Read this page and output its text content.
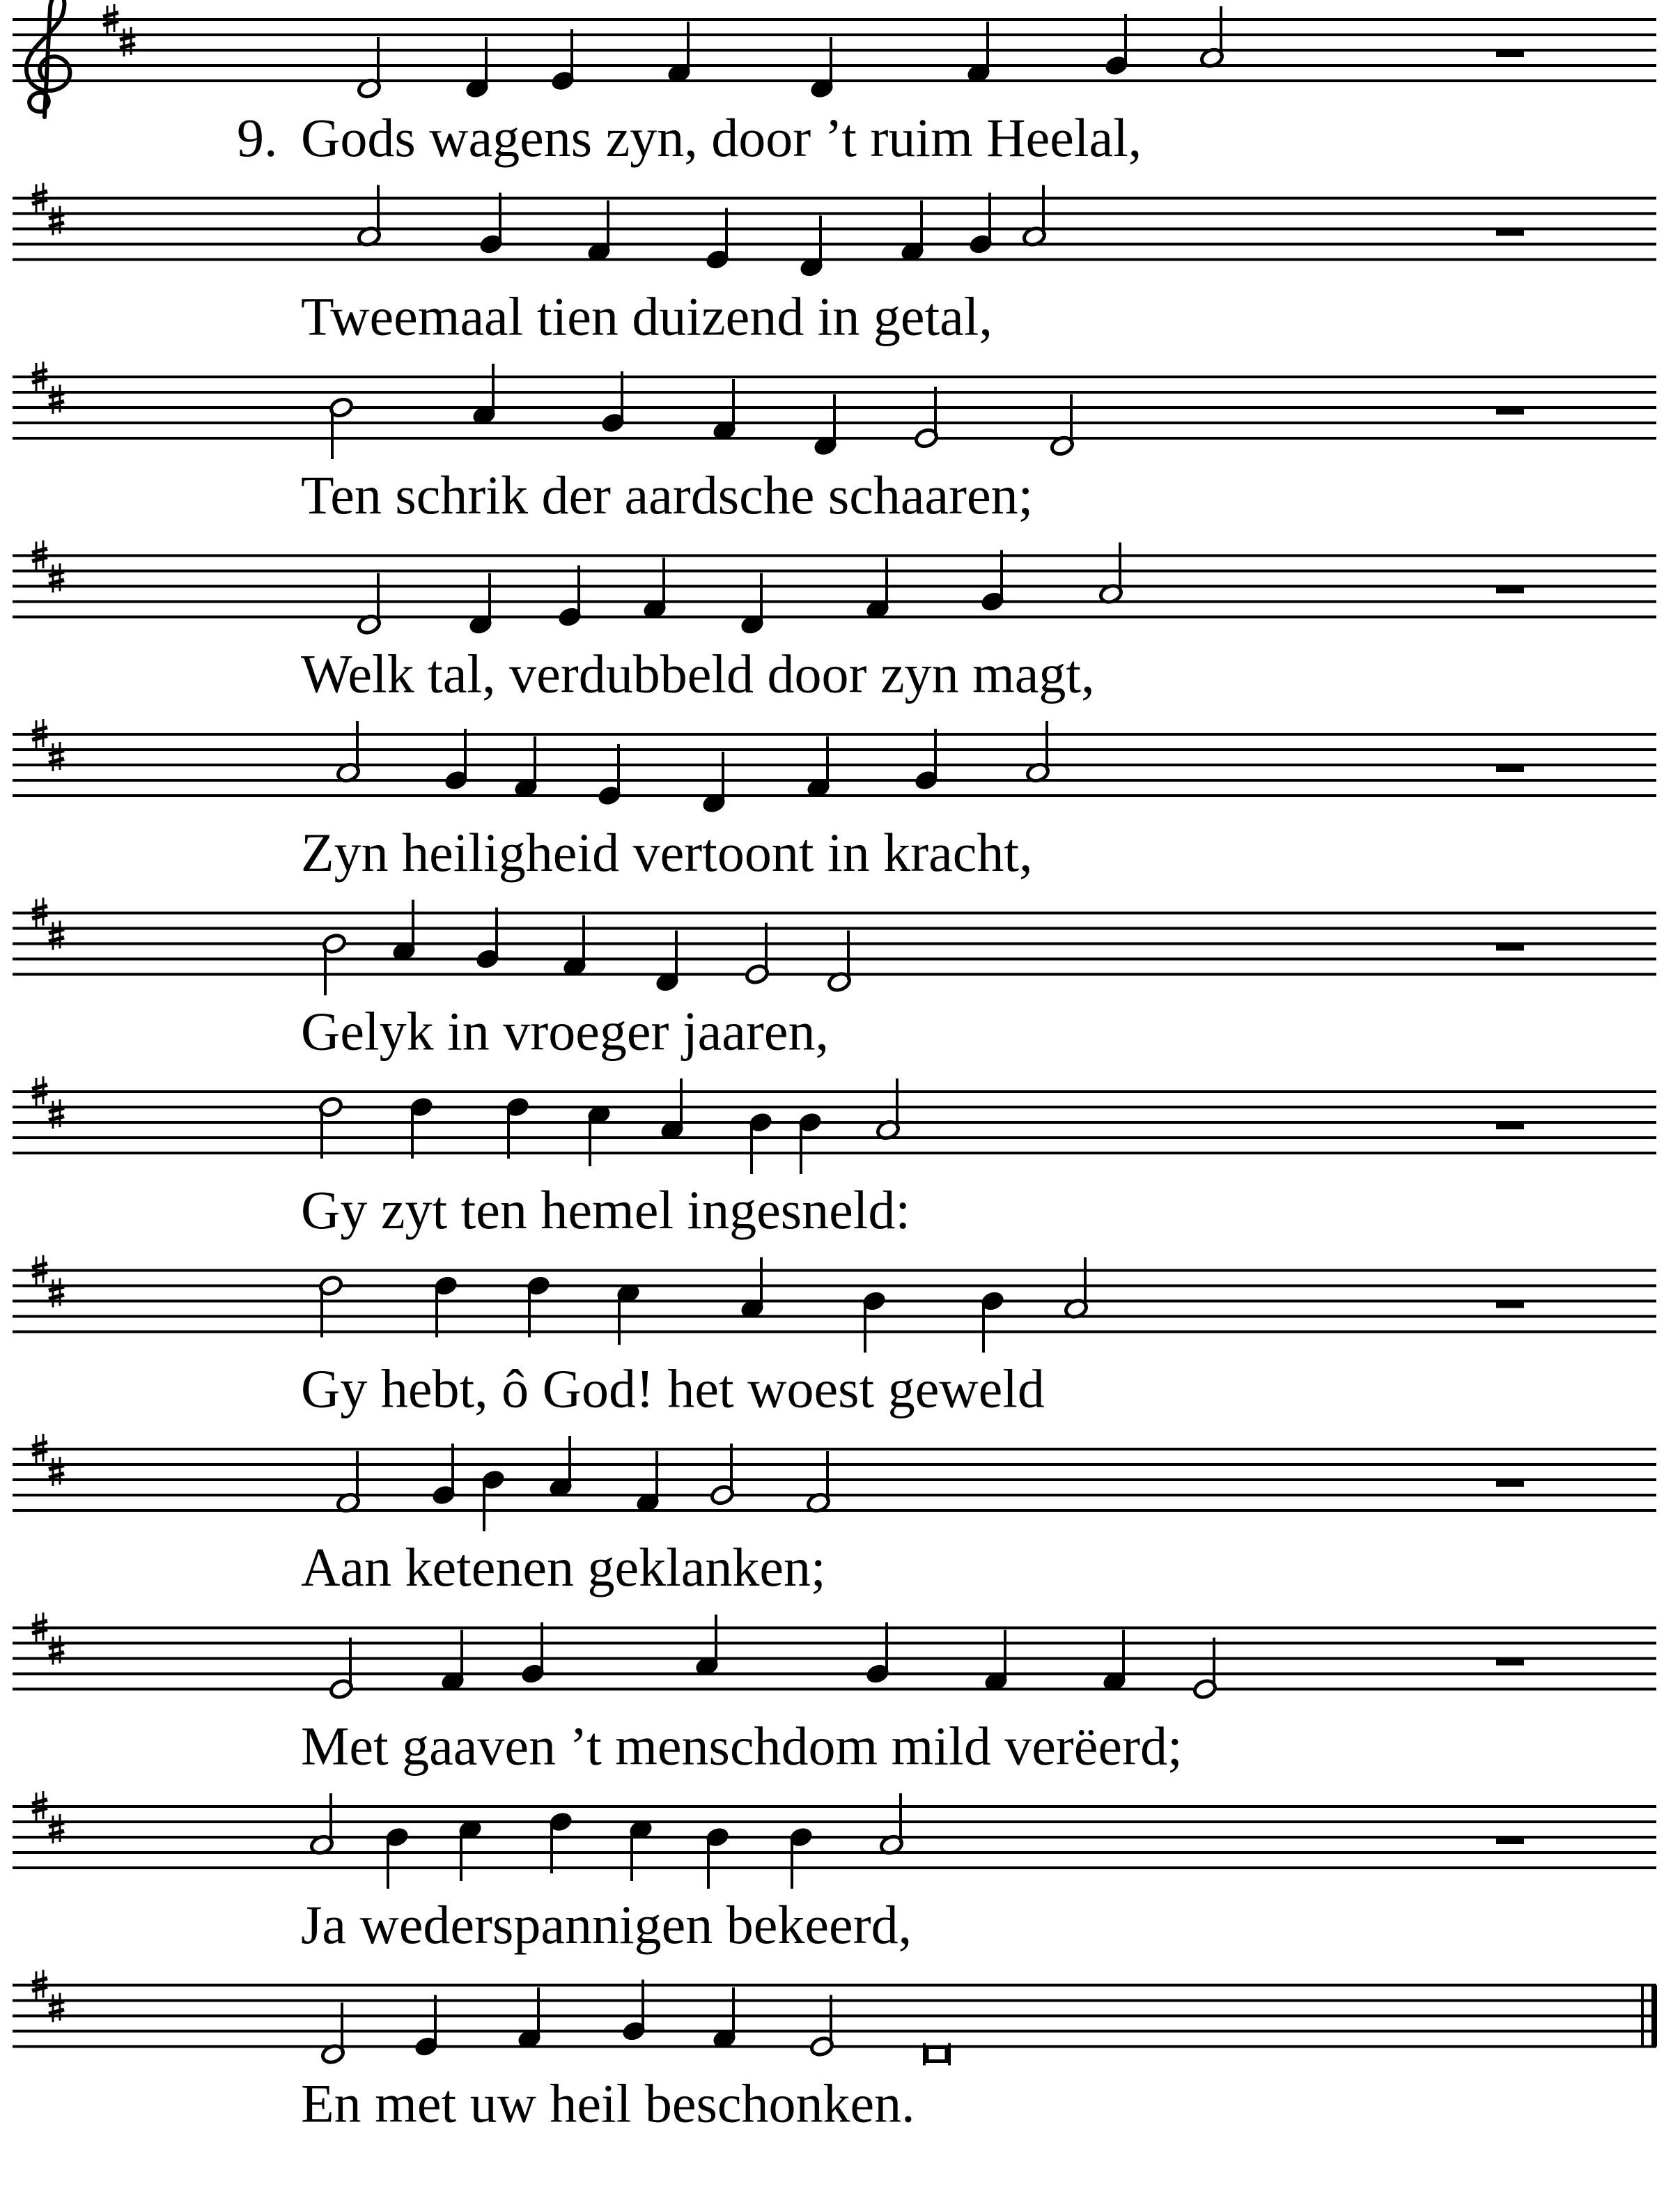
9. Gods wagens zyn, door ’t ruim Heelal,
Tweemaal tien duizend in getal,
Ten schrik der aardsche schaaren;
Welk tal, verdubbeld door zyn magt,
Zyn heiligheid vertoont in kracht,
Gelyk in vroeger jaaren,
Gy zyt ten hemel ingesneld:
Gy hebt, ô God! het woest geweld
Aan ketenen geklanken;
Met gaaven ’t menschdom mild verëerd;
Ja wederspannigen bekeerd,
En met uw heil beschonken.
